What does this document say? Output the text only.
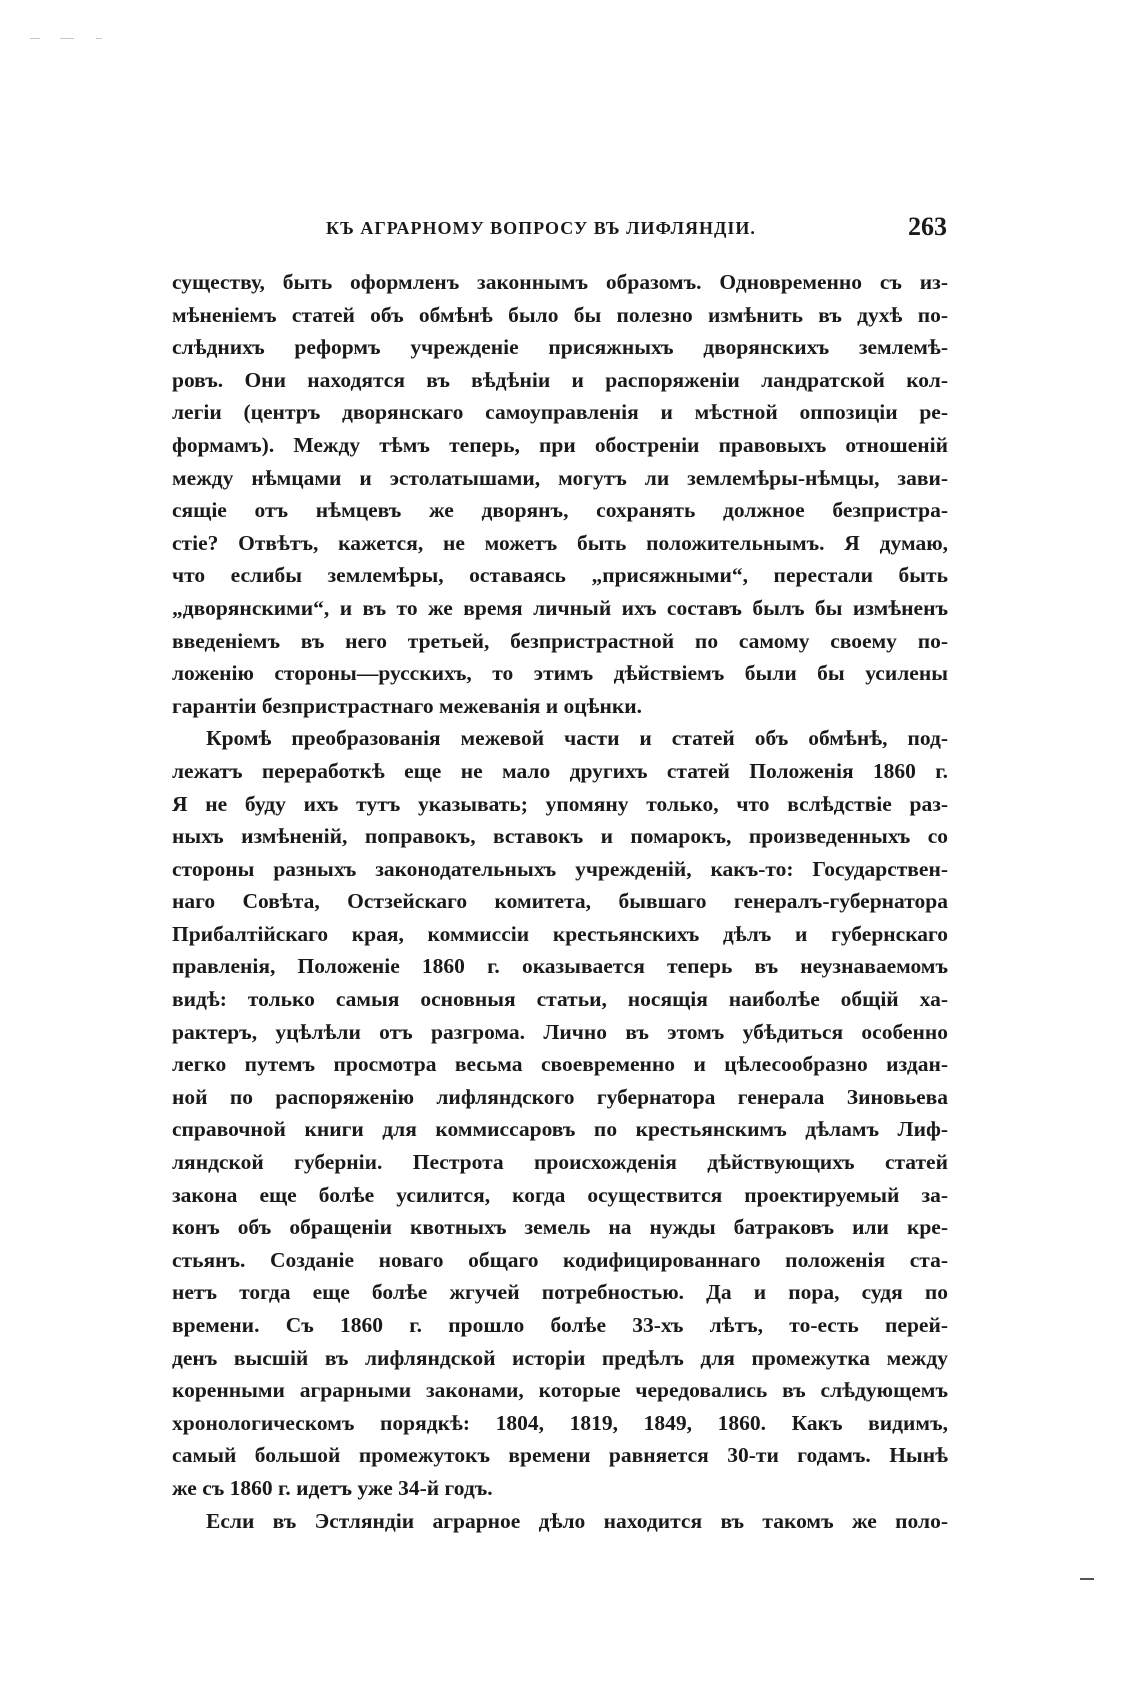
КЪ АГРАРНОМУ ВОПРОСУ ВЪ ЛИФЛЯНДІИ.	263
существу, быть оформленъ законнымъ образомъ. Одновременно съ из-
мѣненіемъ статей объ обмѣнѣ было бы полезно измѣнить въ духѣ по-
слѣднихъ реформъ учрежденіе присяжныхъ дворянскихъ землемѣ-
ровъ. Они находятся въ вѣдѣніи и распоряженіи ландратской кол-
легіи (центръ дворянскаго самоуправленія и мѣстной оппозиціи ре-
формамъ). Между тѣмъ теперь, при обостреніи правовыхъ отношеній
между нѣмцами и эстолатышами, могутъ ли землемѣры-нѣмцы, зави-
сящіе отъ нѣмцевъ же дворянъ, сохранять должное безпристра-
стіе? Отвѣтъ, кажется, не можетъ быть положительнымъ. Я думаю,
что еслибы землемѣры, оставаясь „присяжными“, перестали быть
„дворянскими“, и въ то же время личный ихъ составъ былъ бы измѣненъ
введеніемъ въ него третьей, безпристрастной по самому своему по-
ложенію стороны—русскихъ, то этимъ дѣйствіемъ были бы усилены
гарантіи безпристрастнаго межеванія и оцѣнки.
Кромѣ преобразованія межевой части и статей объ обмѣнѣ, под-
лежатъ переработкѣ еще не мало другихъ статей Положенія 1860 г.
Я не буду ихъ тутъ указывать; упомяну только, что вслѣдствіе раз-
ныхъ измѣненій, поправокъ, вставокъ и помарокъ, произведенныхъ со
стороны разныхъ законодательныхъ учрежденій, какъ-то: Государствен-
наго Совѣта, Остзейскаго комитета, бывшаго генералъ-губернатора
Прибалтійскаго края, коммиссіи крестьянскихъ дѣлъ и губернскаго
правленія, Положеніе 1860 г. оказывается теперь въ неузнаваемомъ
видѣ: только самыя основныя статьи, носящія наиболѣе общій ха-
рактеръ, уцѣлѣли отъ разгрома. Лично въ этомъ убѣдиться особенно
легко путемъ просмотра весьма своевременно и цѣлесообразно издан-
ной по распоряженію лифляндского губернатора генерала Зиновьева
справочной книги для коммиссаровъ по крестьянскимъ дѣламъ Лиф-
ляндской губерніи. Пестрота происхожденія дѣйствующихъ статей
закона еще болѣе усилится, когда осуществится проектируемый за-
конъ объ обращеніи квотныхъ земель на нужды батраковъ или кре-
стьянъ. Созданіе новаго общаго кодифицированнаго положенія ста-
нетъ тогда еще болѣе жгучей потребностью. Да и пора, судя по
времени. Съ 1860 г. прошло болѣе 33-хъ лѣтъ, то-есть перей-
денъ высшій въ лифляндской исторіи предѣлъ для промежутка между
коренными аграрными законами, которые чередовались въ слѣдующемъ
хронологическомъ порядкѣ: 1804, 1819, 1849, 1860. Какъ видимъ,
самый большой промежутокъ времени равняется 30-ти годамъ. Нынѣ
же съ 1860 г. идетъ уже 34-й годъ.
Если въ Эстляндіи аграрное дѣло находится въ такомъ же поло-
